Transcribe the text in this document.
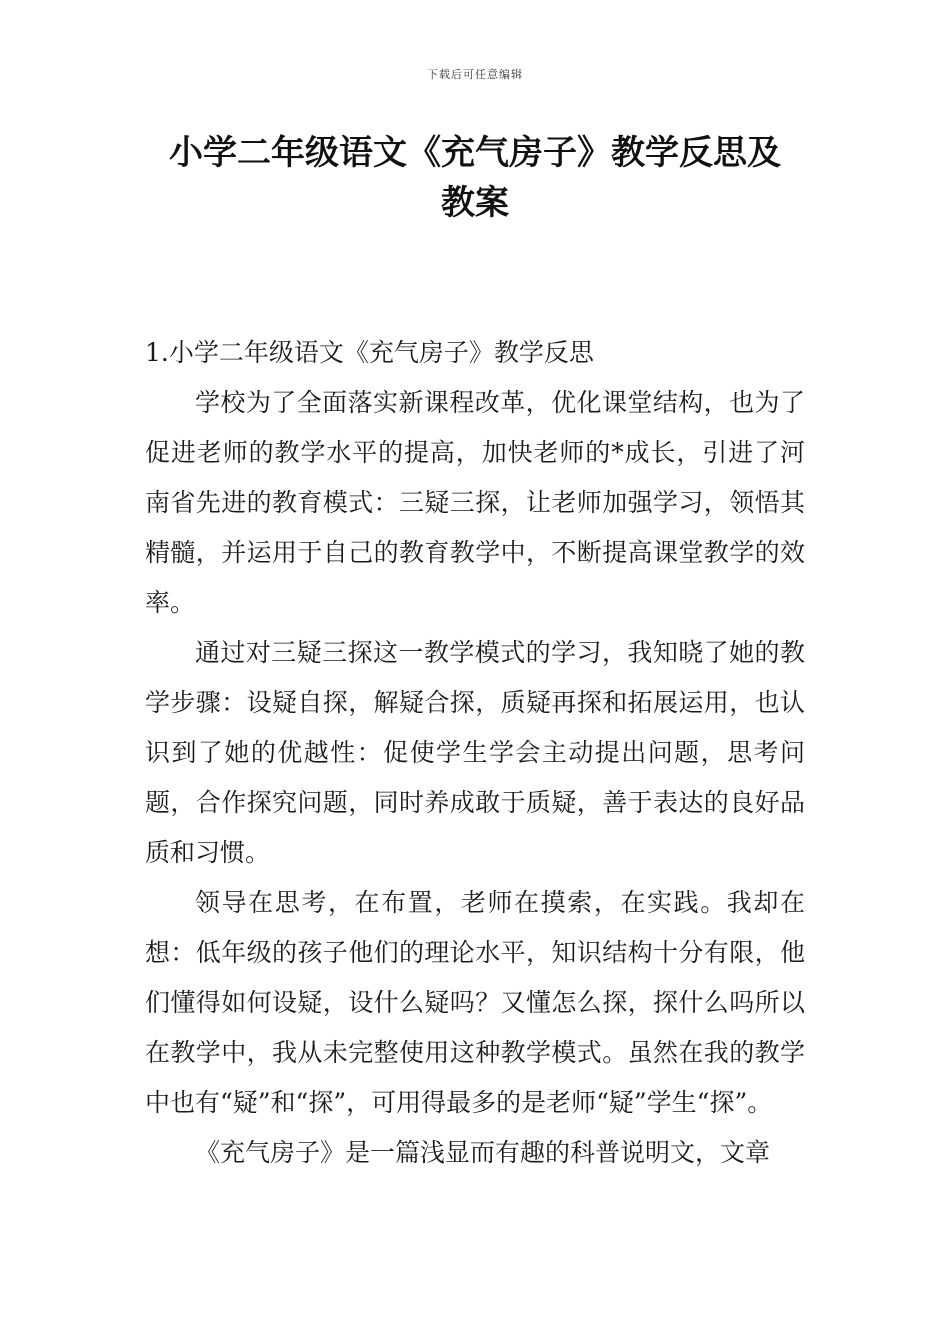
下载后可任意编辑
小学二年级语文《充气房子》教学反思及
教案

1.小学二年级语文《充气房子》教学反思

学校为了全面落实新课程改革，优化课堂结构，也为了促进老师的教学水平的提高，加快老师的*成长，引进了河南省先进的教育模式：三疑三探，让老师加强学习，领悟其精髓，并运用于自己的教育教学中，不断提高课堂教学的效率。

通过对三疑三探这一教学模式的学习，我知晓了她的教学步骤：设疑自探，解疑合探，质疑再探和拓展运用，也认识到了她的优越性：促使学生学会主动提出问题，思考问题，合作探究问题，同时养成敢于质疑，善于表达的良好品质和习惯。

领导在思考，在布置，老师在摸索，在实践。我却在想：低年级的孩子他们的理论水平，知识结构十分有限，他们懂得如何设疑，设什么疑吗？又懂怎么探，探什么吗所以在教学中，我从未完整使用这种教学模式。虽然在我的教学中也有“疑”和“探”，可用得最多的是老师“疑”学生“探”。

《充气房子》是一篇浅显而有趣的科普说明文，文章
